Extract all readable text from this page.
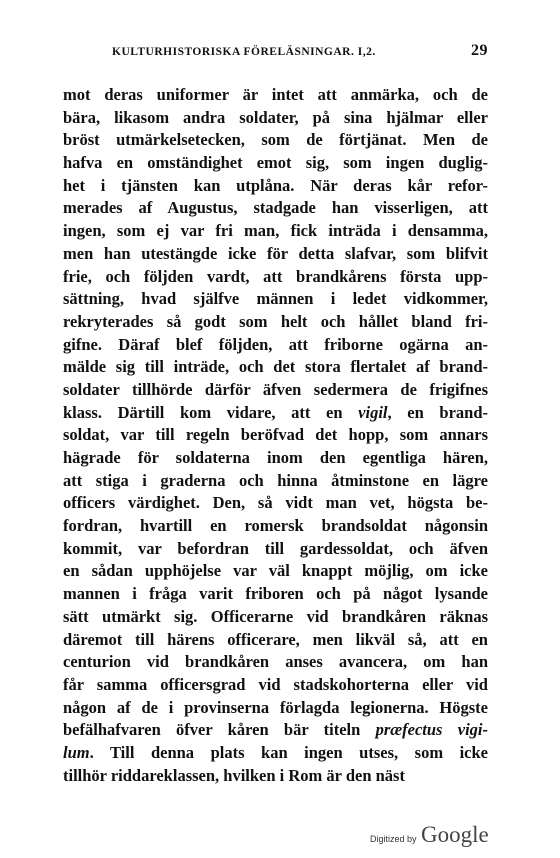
KULTURHISTORISKA FÖRELÄSNINGAR. I,2.	29
mot deras uniformer är intet att anmärka, och de
bära, likasom andra soldater, på sina hjälmar eller
bröst utmärkelsetecken, som de förtjänat. Men de
hafva en omständighet emot sig, som ingen duglig-
het i tjänsten kan utplåna. När deras kår refor-
merades af Augustus, stadgade han visserligen, att
ingen, som ej var fri man, fick inträda i densamma,
men han utestängde icke för detta slafvar, som blifvit
frie, och följden vardt, att brandkårens första upp-
sättning, hvad själfve männen i ledet vidkommer,
rekryterades så godt som helt och hållet bland fri-
gifne. Däraf blef följden, att friborne ogärna an-
mälde sig till inträde, och det stora flertalet af brand-
soldater tillhörde därför äfven sedermera de frigifnes
klass. Därtill kom vidare, att en vigil, en brand-
soldat, var till regeln beröfvad det hopp, som annars
hägrade för soldaterna inom den egentliga hären,
att stiga i graderna och hinna åtminstone en lägre
officers värdighet. Den, så vidt man vet, högsta be-
fordran, hvartill en romersk brandsoldat någonsin
kommit, var befordran till gardessoldat, och äfven
en sådan upphöjelse var väl knappt möjlig, om icke
mannen i fråga varit friboren och på något lysande
sätt utmärkt sig. Officerarne vid brandkåren räknas
däremot till härens officerare, men likväl så, att en
centurion vid brandkåren anses avancera, om han
får samma officersgrad vid stadskohorterna eller vid
någon af de i provinserna förlagda legionerna. Högste
befälhafvaren öfver kåren bär titeln præfectus vigi-
lum. Till denna plats kan ingen utses, som icke
tillhör riddareklassen, hvilken i Rom är den näst
Digitized by Google
